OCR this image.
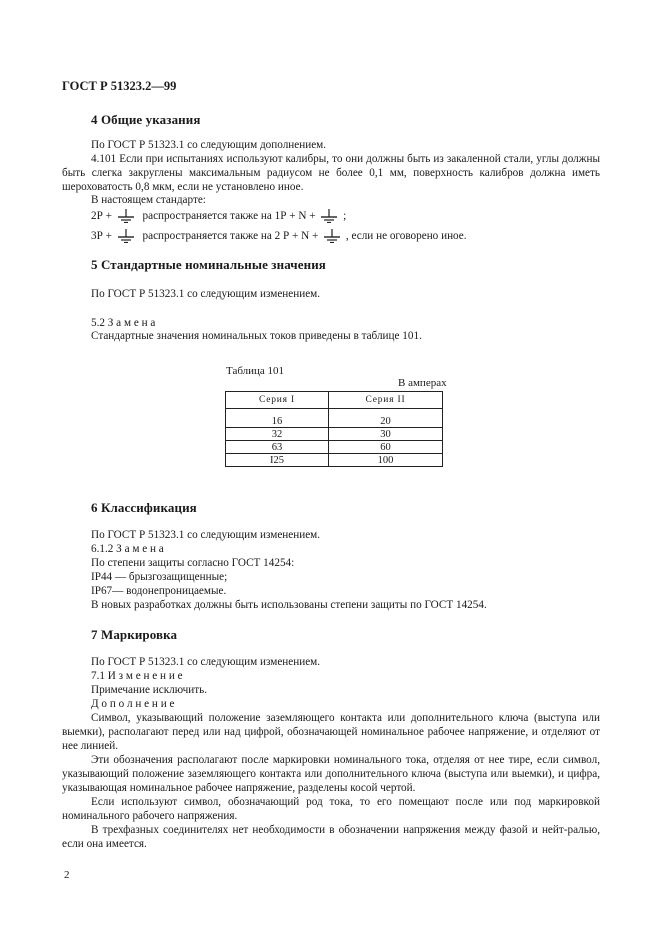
ГОСТ Р 51323.2—99
4 Общие указания
По ГОСТ Р 51323.1 со следующим дополнением.
4.101 Если при испытаниях используют калибры, то они должны быть из закаленной стали, углы должны быть слегка закруглены максимальным радиусом не более 0,1 мм, поверхность калибров должна иметь шероховатость 0,8 мкм, если не установлено иное.
В настоящем стандарте:
2Р +	распространяется также на 1Р + N + ;
3Р +	распространяется также на 2 Р + N + , если не оговорено иное.
5 Стандартные номинальные значения
По ГОСТ Р 51323.1 со следующим изменением.
5.2 З а м е н а
Стандартные значения номинальных токов приведены в таблице 101.
Таблица 101
В амперах
Серия I	Серия II

16	20
32	30
63	60
I25	100
6 Классификация
По ГОСТ Р 51323.1 со следующим изменением.
6.1.2 З а м е н а
По степени защиты согласно ГОСТ 14254:
IP44 — брызгозащищенные;
IP67— водонепроницаемые.
В новых разработках должны быть использованы степени защиты по ГОСТ 14254.
7 Маркировка
По ГОСТ Р 51323.1 со следующим изменением.
7.1 И з м е н е н и е
Примечание исключить.
Д о п о л н е н и е
Символ, указывающий положение заземляющего контакта или дополнительного ключа (выступа или выемки), располагают перед или над цифрой, обозначающей номинальное рабочее напряжение, и отделяют от нее линией.
Эти обозначения располагают после маркировки номинального тока, отделяя от нее тире, если символ, указывающий положение заземляющего контакта или дополнительного ключа (выступа или выемки), и цифра, указывающая номинальное рабочее напряжение, разделены косой чертой.
Если используют символ, обозначающий род тока, то его помещают после или под маркировкой номинального рабочего напряжения.
В трехфазных соединителях нет необходимости в обозначении напряжения между фазой и нейт-ралью, если она имеется.
2
